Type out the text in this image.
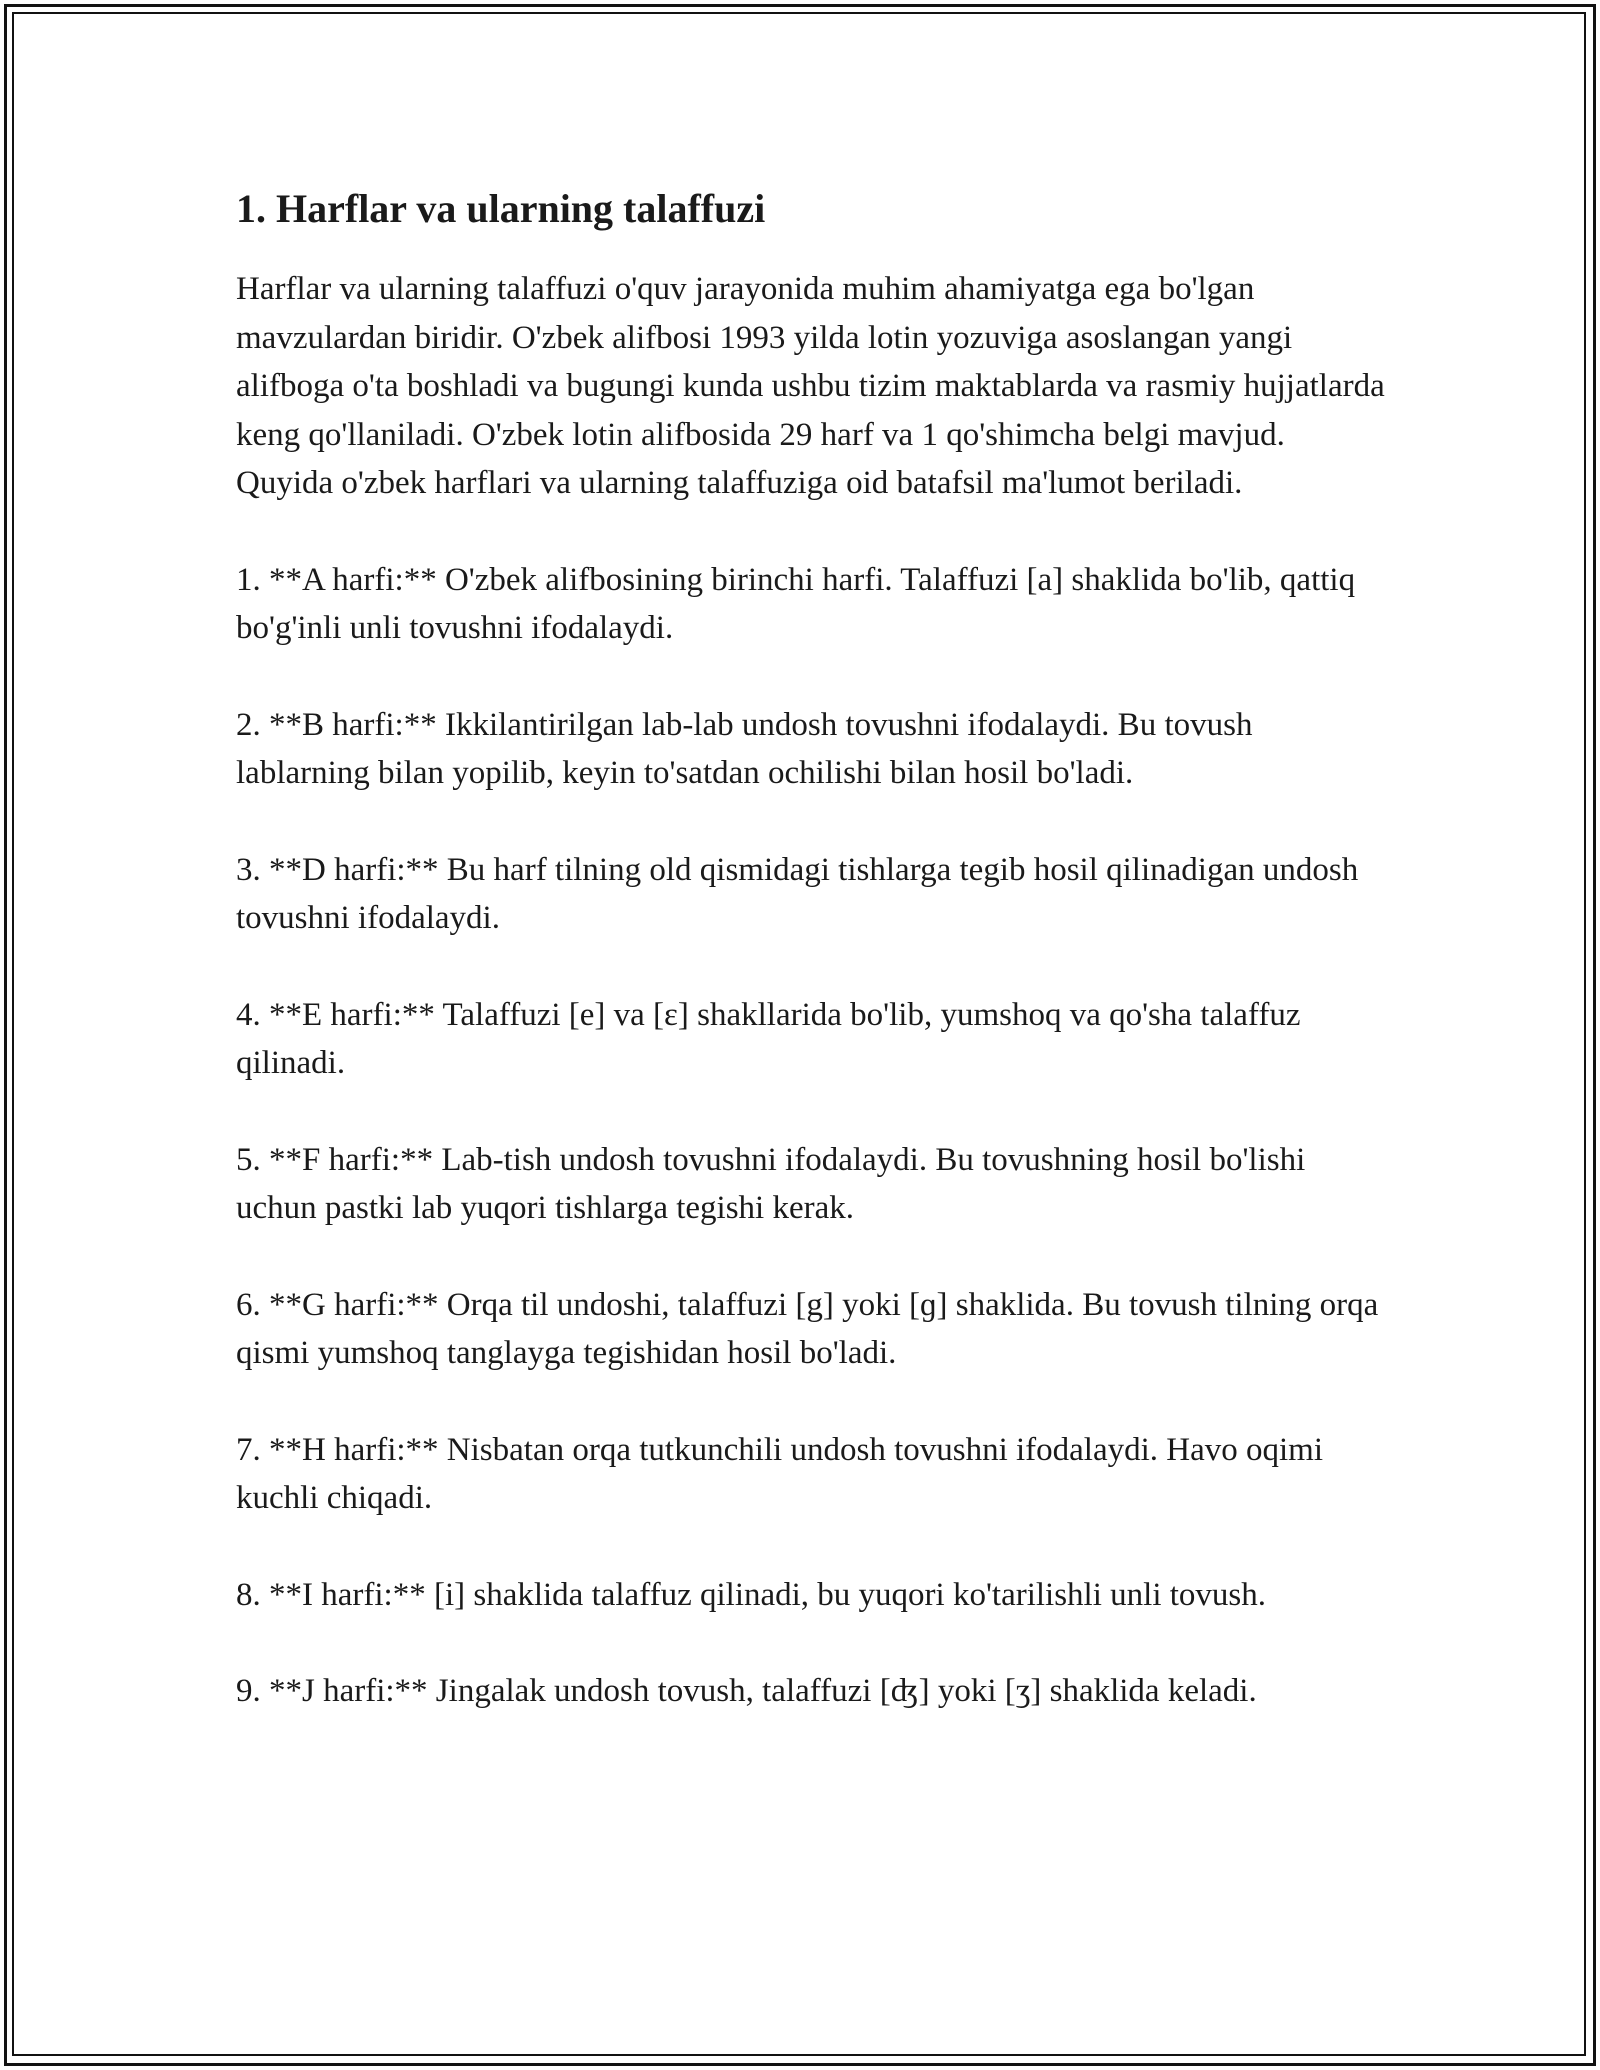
1. Harflar va ularning talaffuzi

Harflar va ularning talaffuzi o'quv jarayonida muhim ahamiyatga ega bo'lgan mavzulardan biridir. O'zbek alifbosi 1993 yilda lotin yozuviga asoslangan yangi alifboga o'ta boshladi va bugungi kunda ushbu tizim maktablarda va rasmiy hujjatlarda keng qo'llaniladi. O'zbek lotin alifbosida 29 harf va 1 qo'shimcha belgi mavjud. Quyida o'zbek harflari va ularning talaffuziga oid batafsil ma'lumot beriladi.

1. **A harfi:** O'zbek alifbosining birinchi harfi. Talaffuzi [a] shaklida bo'lib, qattiq bo'g'inli unli tovushni ifodalaydi.

2. **B harfi:** Ikkilantirilgan lab-lab undosh tovushni ifodalaydi. Bu tovush lablarning bilan yopilib, keyin to'satdan ochilishi bilan hosil bo'ladi.

3. **D harfi:** Bu harf tilning old qismidagi tishlarga tegib hosil qilinadigan undosh tovushni ifodalaydi.

4. **E harfi:** Talaffuzi [e] va [ɛ] shakllarida bo'lib, yumshoq va qo'sha talaffuz qilinadi.

5. **F harfi:** Lab-tish undosh tovushni ifodalaydi. Bu tovushning hosil bo'lishi uchun pastki lab yuqori tishlarga tegishi kerak.

6. **G harfi:** Orqa til undoshi, talaffuzi [g] yoki [ɡ] shaklida. Bu tovush tilning orqa qismi yumshoq tanglayga tegishidan hosil bo'ladi.

7. **H harfi:** Nisbatan orqa tutkunchili undosh tovushni ifodalaydi. Havo oqimi kuchli chiqadi.

8. **I harfi:** [i] shaklida talaffuz qilinadi, bu yuqori ko'tarilishli unli tovush.

9. **J harfi:** Jingalak undosh tovush, talaffuzi [ʤ] yoki [ʒ] shaklida keladi.
